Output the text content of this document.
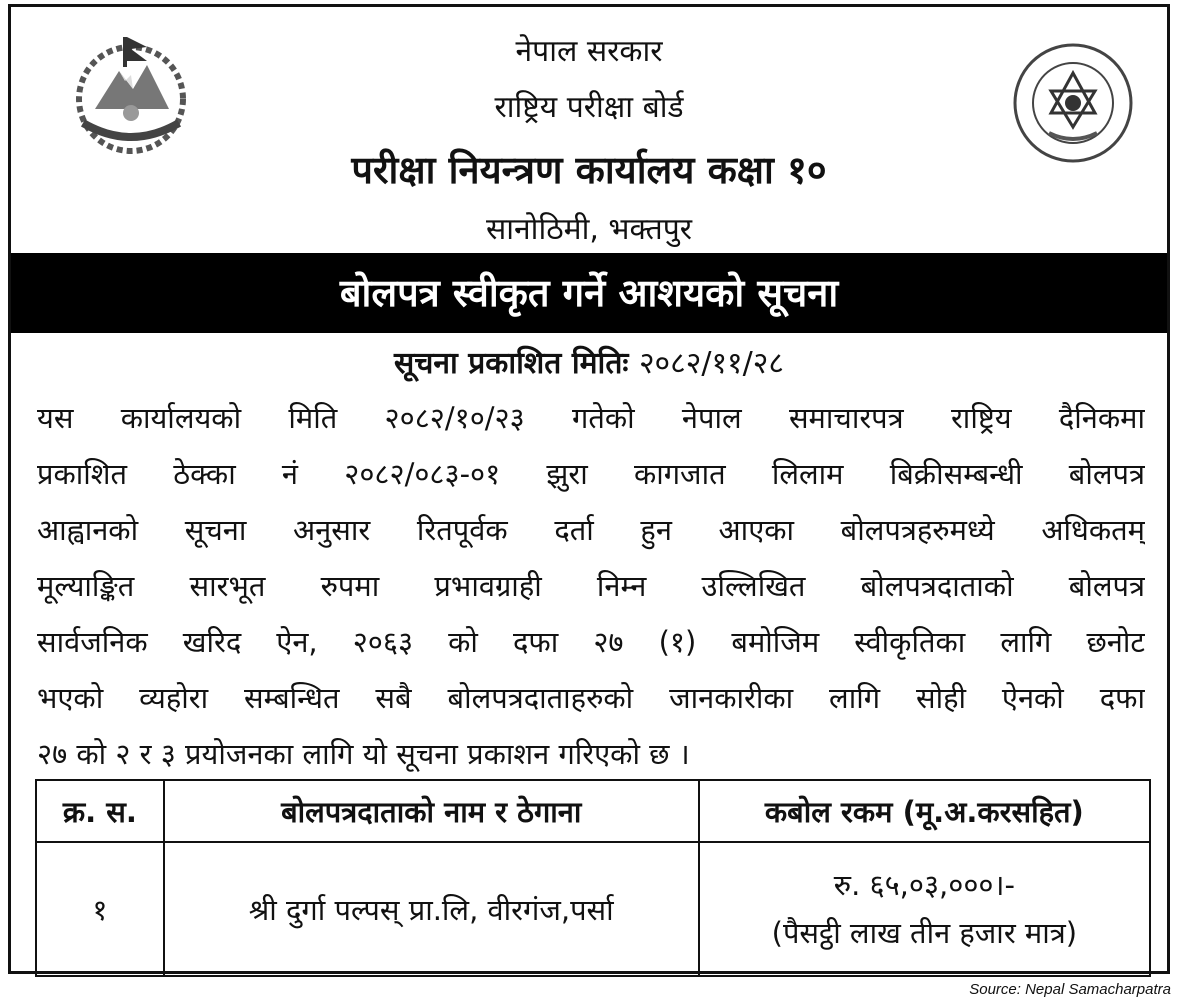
नेपाल सरकार
राष्ट्रिय परीक्षा बोर्ड
परीक्षा नियन्त्रण कार्यालय कक्षा १०
सानोठिमी, भक्तपुर
बोलपत्र स्वीकृत गर्ने आशयको सूचना
सूचना प्रकाशित मितिः २०८२/११/२८
यस कार्यालयको मिति २०८२/१०/२३ गतेको नेपाल समाचारपत्र राष्ट्रिय दैनिकमा
प्रकाशित ठेक्का नं २०८२/०८३-०१ झुरा कागजात लिलाम बिक्रीसम्बन्धी बोलपत्र
आह्वानको सूचना अनुसार रितपूर्वक दर्ता हुन आएका बोलपत्रहरुमध्ये अधिकतम्
मूल्याङ्कित सारभूत रुपमा प्रभावग्राही निम्न उल्लिखित बोलपत्रदाताको बोलपत्र
सार्वजनिक खरिद ऐन, २०६३ को दफा २७ (१) बमोजिम स्वीकृतिका लागि छनोट
भएको व्यहोरा सम्बन्धित सबै बोलपत्रदाताहरुको जानकारीका लागि सोही ऐनको दफा
२७ को २ र ३ प्रयोजनका लागि यो सूचना प्रकाशन गरिएको छ ।
क्र. स.	बोलपत्रदाताको नाम र ठेगाना	कबोल रकम (मू.अ.करसहित)
१	श्री दुर्गा पल्पस् प्रा.लि, वीरगंज,पर्सा	रु. ६५,०३,०००।-
(पैसट्ठी लाख तीन हजार मात्र)
Source: Nepal Samacharpatra
